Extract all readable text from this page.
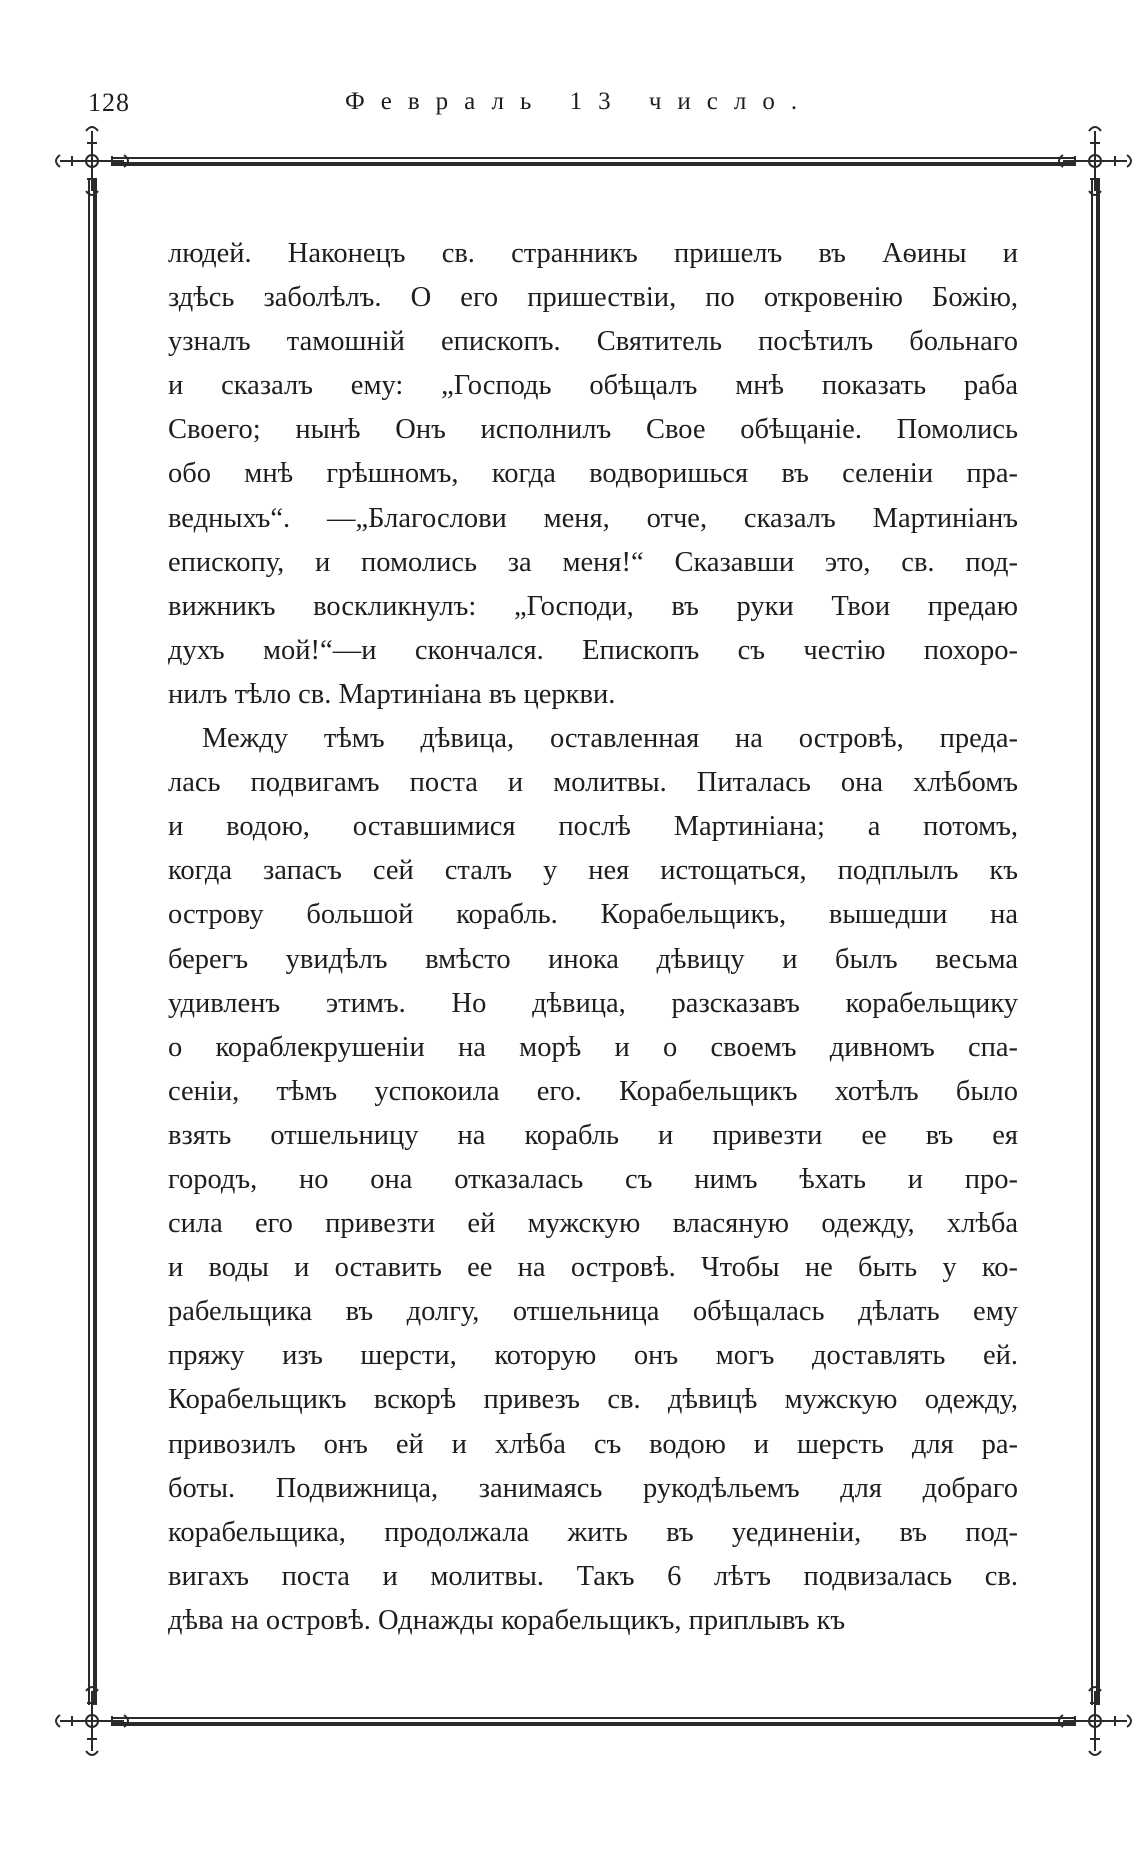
128	Февраль 13 число.
людей. Наконецъ св. странникъ пришелъ въ Аѳины и
здѣсь заболѣлъ. О его пришествіи, по откровенію Божію,
узналъ тамошній епископъ. Святитель посѣтилъ больнаго
и сказалъ ему: „Господь обѣщалъ мнѣ показать раба
Своего; нынѣ Онъ исполнилъ Свое обѣщаніе. Помолись
обо мнѣ грѣшномъ, когда водворишься въ селеніи пра-
ведныхъ“. —„Благослови меня, отче, сказалъ Мартиніанъ
епископу, и помолись за меня!“ Сказавши это, св. под-
вижникъ воскликнулъ: „Господи, въ руки Твои предаю
духъ мой!“—и скончался. Епископъ съ честію похоро-
нилъ тѣло св. Мартиніана въ церкви.
Между тѣмъ дѣвица, оставленная на островѣ, преда-
лась подвигамъ поста и молитвы. Питалась она хлѣбомъ
и водою, оставшимися послѣ Мартиніана; а потомъ,
когда запасъ сей сталъ у нея истощаться, подплылъ къ
острову большой корабль. Корабельщикъ, вышедши на
берегъ увидѣлъ вмѣсто инока дѣвицу и былъ весьма
удивленъ этимъ. Но дѣвица, разсказавъ корабельщику
о кораблекрушеніи на морѣ и о своемъ дивномъ спа-
сеніи, тѣмъ успокоила его. Корабельщикъ хотѣлъ было
взять отшельницу на корабль и привезти ее въ ея
городъ, но она отказалась съ нимъ ѣхать и про-
сила его привезти ей мужскую власяную одежду, хлѣба
и воды и оставить ее на островѣ. Чтобы не быть у ко-
рабельщика въ долгу, отшельница обѣщалась дѣлать ему
пряжу изъ шерсти, которую онъ могъ доставлять ей.
Корабельщикъ вскорѣ привезъ св. дѣвицѣ мужскую одежду,
привозилъ онъ ей и хлѣба съ водою и шерсть для ра-
боты. Подвижница, занимаясь рукодѣльемъ для добраго
корабельщика, продолжала жить въ уединеніи, въ под-
вигахъ поста и молитвы. Такъ 6 лѣтъ подвизалась св.
дѣва на островѣ. Однажды корабельщикъ, приплывъ къ
